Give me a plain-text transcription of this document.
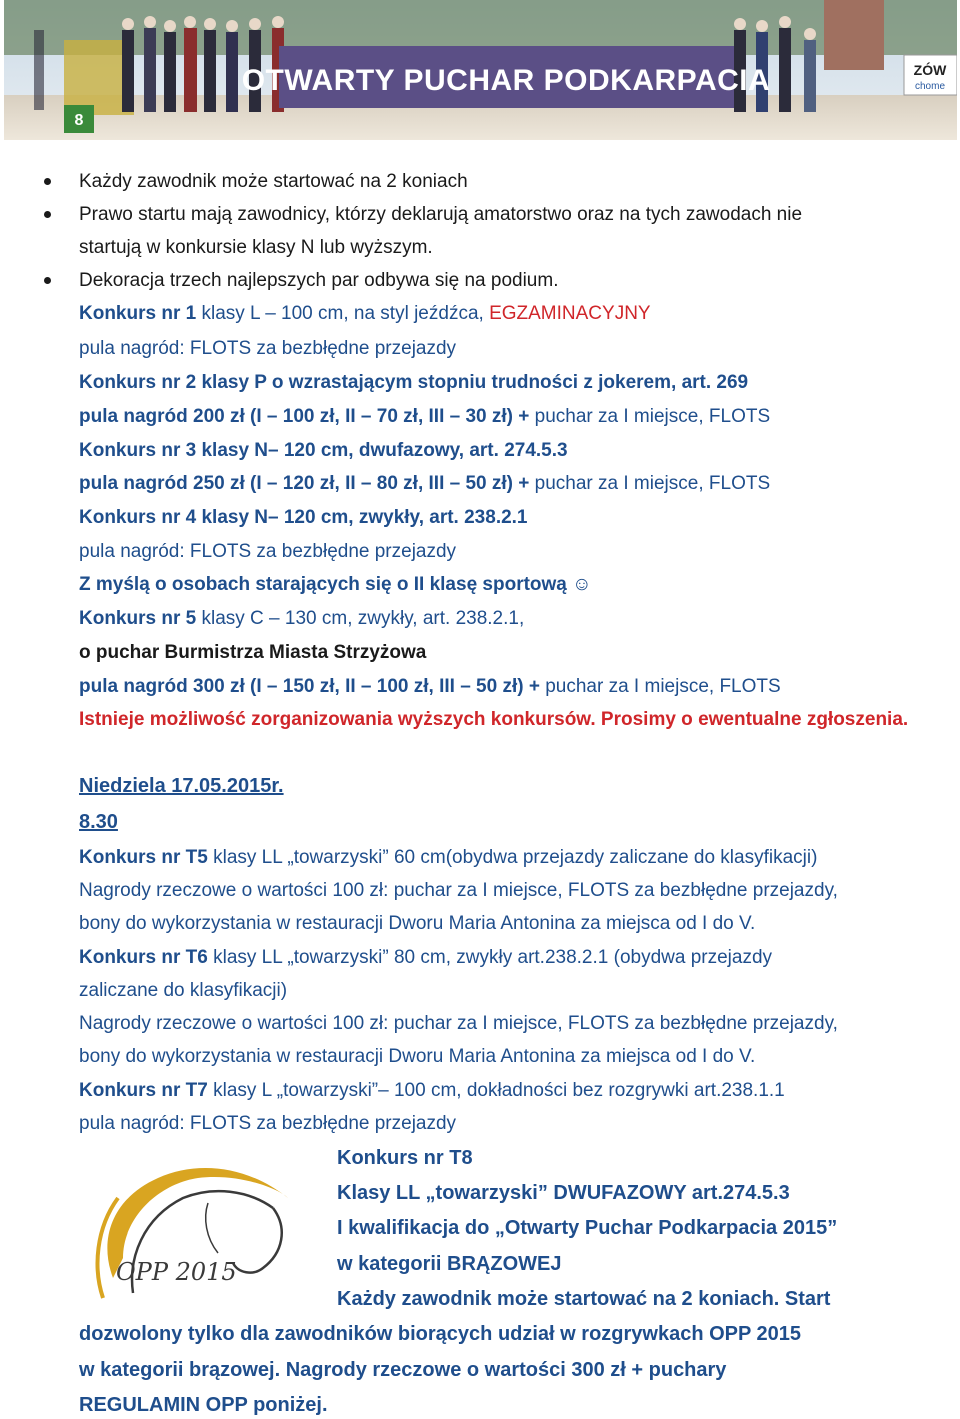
OTWARTY PUCHAR PODKARPACIA	ZÓW
chome
8
Każdy zawodnik może startować na 2 koniach
Prawo startu mają zawodnicy, którzy deklarują amatorstwo oraz na tych zawodach nie
startują w konkursie klasy N lub wyższym.
Dekoracja trzech najlepszych par odbywa się na podium.
Konkurs nr 1 klasy L – 100 cm, na styl jeźdźca, EGZAMINACYJNY
pula nagród: FLOTS za bezbłędne przejazdy
Konkurs nr 2 klasy P o wzrastającym stopniu trudności z jokerem, art. 269
pula nagród 200 zł (I – 100 zł, II – 70 zł, III – 30 zł) + puchar za I miejsce, FLOTS
Konkurs nr 3 klasy N– 120 cm, dwufazowy, art. 274.5.3
pula nagród 250 zł (I – 120 zł, II – 80 zł, III – 50 zł) + puchar za I miejsce, FLOTS
Konkurs nr 4 klasy N– 120 cm, zwykły, art. 238.2.1
pula nagród: FLOTS za bezbłędne przejazdy
Z myślą o osobach starających się o II klasę sportową ☺
Konkurs nr 5 klasy C – 130 cm, zwykły, art. 238.2.1,
o puchar Burmistrza Miasta Strzyżowa
pula nagród 300 zł (I – 150 zł, II – 100 zł, III – 50 zł) + puchar za I miejsce, FLOTS
Istnieje możliwość zorganizowania wyższych konkursów. Prosimy o ewentualne zgłoszenia.
Niedziela 17.05.2015r.
8.30
Konkurs nr T5 klasy LL „towarzyski” 60 cm(obydwa przejazdy zaliczane do klasyfikacji)
Nagrody rzeczowe o wartości 100 zł: puchar za I miejsce, FLOTS za bezbłędne przejazdy,
bony do wykorzystania w restauracji Dworu Maria Antonina za miejsca od I do V.
Konkurs nr T6 klasy LL „towarzyski” 80 cm, zwykły art.238.2.1 (obydwa przejazdy
zaliczane do klasyfikacji)
Nagrody rzeczowe o wartości 100 zł: puchar za I miejsce, FLOTS za bezbłędne przejazdy,
bony do wykorzystania w restauracji Dworu Maria Antonina za miejsca od I do V.
Konkurs nr T7 klasy L „towarzyski”– 100 cm, dokładności bez rozgrywki art.238.1.1
pula nagród: FLOTS za bezbłędne przejazdy
OPP 2015
Konkurs nr T8
Klasy LL „towarzyski” DWUFAZOWY art.274.5.3
I kwalifikacja do „Otwarty Puchar Podkarpacia 2015”
w kategorii BRĄZOWEJ
Każdy zawodnik może startować na 2 koniach. Start
dozwolony tylko dla zawodników biorących udział w rozgrywkach OPP 2015
w kategorii brązowej. Nagrody rzeczowe o wartości 300 zł + puchary
REGULAMIN OPP poniżej.
